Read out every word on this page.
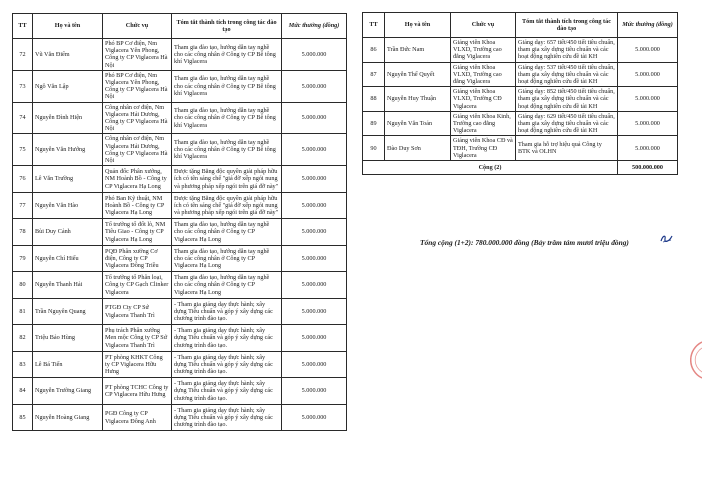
TT	Họ và tên	Chức vụ	Tóm tắt thành tích trong công tác đào tạo	Mức thưởng (đồng)
72	Vũ Văn Điểm	Phó BP Cơ điện, Nm Viglacera Yên Phong, Công ty CP Viglacera Hà Nội	Tham gia đào tạo, hướng dẫn tay nghề cho các công nhân ở Công ty CP Bê tông khí Viglacera	5.000.000
73	Ngô Văn Lập	Phó BP Cơ điện, Nm Viglacera Yên Phong, Công ty CP Viglacera Hà Nội	Tham gia đào tạo, hướng dẫn tay nghề cho các công nhân ở Công ty CP Bê tông khí Viglacera	5.000.000
74	Nguyễn Đình Hiện	Công nhân cơ điện, Nm Viglacera Hải Dương, Công ty CP Viglacera Hà Nội	Tham gia đào tạo, hướng dẫn tay nghề cho các công nhân ở Công ty CP Bê tông khí Viglacera	5.000.000
75	Nguyễn Văn Hướng	Công nhân cơ điện, Nm Viglacera Hải Dương, Công ty CP Viglacera Hà Nội	Tham gia đào tạo, hướng dẫn tay nghề cho các công nhân ở Công ty CP Bê tông khí Viglacera	5.000.000
76	Lê Văn Trường	Quản đốc Phân xưởng, NM Hoành Bồ - Công ty CP Viglacera Hạ Long	Được tặng Bằng độc quyền giải pháp hữu ích có tên sáng chế "giá đỡ xếp ngói nung và phương pháp xếp ngói trên giá đỡ này"	5.000.000
77	Nguyễn Văn Hào	Phó Ban Kỹ thuật, NM Hoành Bồ - Công ty CP Viglacera Hạ Long	Được tặng Bằng độc quyền giải pháp hữu ích có tên sáng chế "giá đỡ xếp ngói nung và phương pháp xếp ngói trên giá đỡ này"	5.000.000
78	Bùi Duy Cảnh	Tổ trưởng tổ đốt lò, NM Tiêu Giao - Công ty CP Viglacera Hạ Long	Tham gia đào tạo, hướng dẫn tay nghề cho các công nhân ở Công ty CP Viglacera Hạ Long	5.000.000
79	Nguyễn Chí Hiếu	PQĐ Phân xưởng Cơ điện, Công ty CP Viglacera Đông Triều	Tham gia đào tạo, hướng dẫn tay nghề cho các công nhân ở Công ty CP Viglacera Hạ Long	5.000.000
80	Nguyễn Thanh Hải	Tổ trưởng tổ Phân loại, Công ty CP Gạch Clinker Viglacera	Tham gia đào tạo, hướng dẫn tay nghề cho các công nhân ở Công ty CP Viglacera Hạ Long	5.000.000
81	Trần Nguyên Quang	PTGĐ Cty CP Sứ Viglacera Thanh Trì	- Tham gia giảng dạy thực hành; xây dựng Tiêu chuẩn và góp ý xây dựng các chương trình đào tạo.	5.000.000
82	Triệu Bảo Hùng	Phụ trách Phân xưởng Men mộc Công ty CP Sứ Viglacera Thanh Trì	- Tham gia giảng dạy thực hành; xây dựng Tiêu chuẩn và góp ý xây dựng các chương trình đào tạo.	5.000.000
83	Lê Bá Tiến	PT phòng KHKT Công ty CP Viglacera Hữu Hưng	- Tham gia giảng dạy thực hành; xây dựng Tiêu chuẩn và góp ý xây dựng các chương trình đào tạo.	5.000.000
84	Nguyễn Trường Giang	PT phòng TCHC Công ty CP Viglacera Hữu Hưng	- Tham gia giảng dạy thực hành; xây dựng Tiêu chuẩn và góp ý xây dựng các chương trình đào tạo.	5.000.000
85	Nguyễn Hoàng Giang	PGĐ Công ty CP Viglacera Đông Anh	- Tham gia giảng dạy thực hành; xây dựng Tiêu chuẩn và góp ý xây dựng các chương trình đào tạo.	5.000.000
TT	Họ và tên	Chức vụ	Tóm tắt thành tích trong công tác đào tạo	Mức thưởng (đồng)
86	Trần Đức Nam	Giảng viên Khoa VLXD, Trường cao đẳng Viglacera	Giảng dạy: 657 tiết/450 tiết tiêu chuẩn, tham gia xây dựng tiêu chuẩn và các hoạt động nghiên cứu đề tài KH	5.000.000
87	Nguyễn Thế Quyết	Giảng viên Khoa VLXD, Trường cao đẳng Viglacera	Giảng dạy: 537 tiết/450 tiết tiêu chuẩn, tham gia xây dựng tiêu chuẩn và các hoạt động nghiên cứu đề tài KH	5.000.000
88	Nguyễn Huy Thuận	Giảng viên Khoa VLXD, Trường CĐ Viglacera	Giảng dạy: 852 tiết/450 tiết tiêu chuẩn, tham gia xây dựng tiêu chuẩn và các hoạt động nghiên cứu đề tài KH	5.000.000
89	Nguyễn Văn Toản	Giảng viên Khoa Kinh, Trường cao đẳng Viglacera	Giảng dạy: 629 tiết/450 tiết tiêu chuẩn, tham gia xây dựng tiêu chuẩn và các hoạt động nghiên cứu đề tài KH	5.000.000
90	Đào Duy Sơn	Giảng viên Khoa CĐ và TĐH, Trường CĐ Viglacera	Tham gia hỗ trợ hiệu quả Công ty BTK và OLHN	5.000.000
Cộng (2)				500.000.000
Tổng cộng (1+2): 780.000.000 đồng (Bảy trăm tám mươi triệu đồng)
